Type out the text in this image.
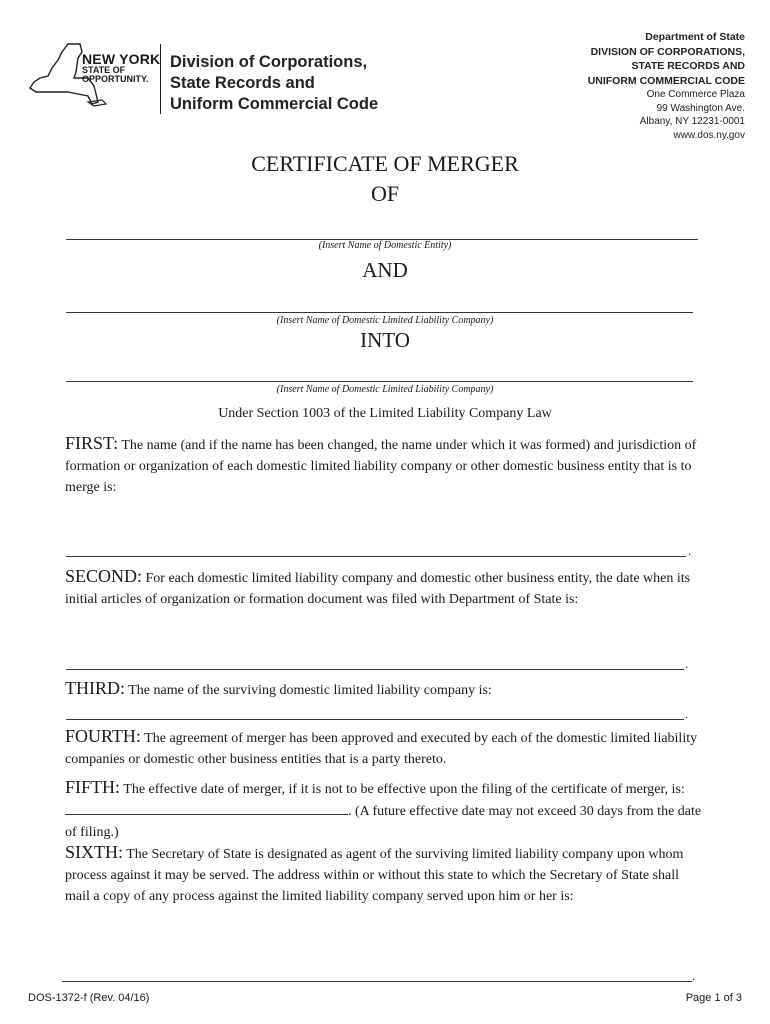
NEW YORK
STATE OF
OPPORTUNITY.
Division of Corporations,
State Records and
Uniform Commercial Code
Department of State
DIVISION OF CORPORATIONS,
STATE RECORDS AND
UNIFORM COMMERCIAL CODE
One Commerce Plaza
99 Washington Ave.
Albany, NY 12231-0001
www.dos.ny.gov
CERTIFICATE OF MERGER
OF
(Insert Name of Domestic Entity)
AND
(Insert Name of Domestic Limited Liability Company)
INTO
(Insert Name of Domestic Limited Liability Company)
Under Section 1003 of the Limited Liability Company Law
FIRST: The name (and if the name has been changed, the name under which it was formed) and jurisdiction of formation or organization of each domestic limited liability company or other domestic business entity that is to merge is:
.
SECOND: For each domestic limited liability company and domestic other business entity, the date when its initial articles of organization or formation document was filed with Department of State is:
.
THIRD: The name of the surviving domestic limited liability company is:
.
FOURTH: The agreement of merger has been approved and executed by each of the domestic limited liability companies or domestic other business entities that is a party thereto.
FIFTH: The effective date of merger, if it is not to be effective upon the filing of the certificate of merger, is: . (A future effective date may not exceed 30 days from the date of filing.)
SIXTH: The Secretary of State is designated as agent of the surviving limited liability company upon whom process against it may be served. The address within or without this state to which the Secretary of State shall mail a copy of any process against the limited liability company served upon him or her is:
.
DOS-1372-f (Rev. 04/16)	Page 1 of 3
